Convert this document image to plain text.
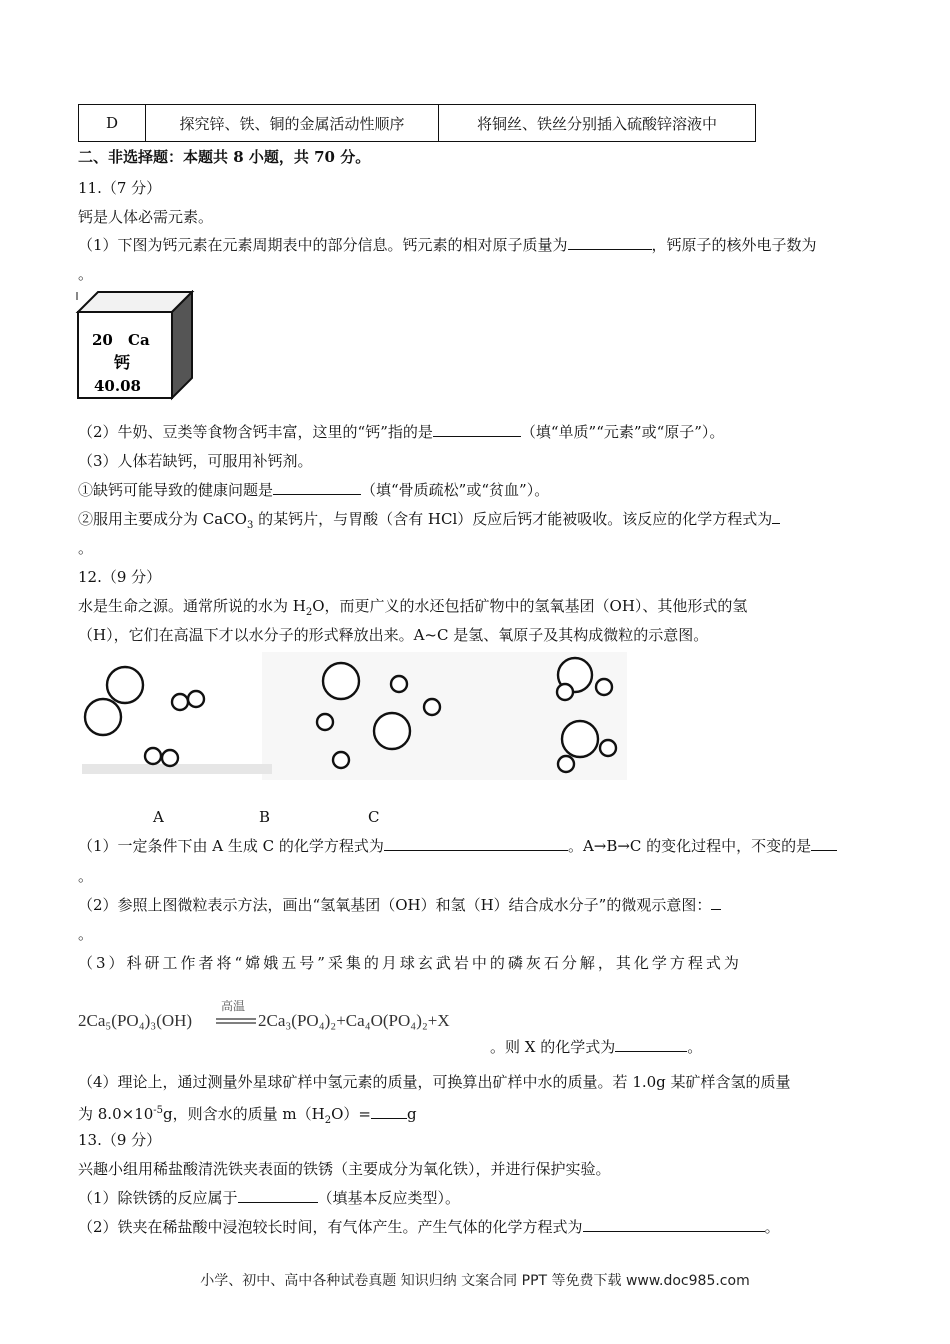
D	探究锌、铁、铜的金属活动性顺序	将铜丝、铁丝分别插入硫酸锌溶液中
二、非选择题：本题共 8 小题，共 70 分。
11.（7 分）
钙是人体必需元素。
（1）下图为钙元素在元素周期表中的部分信息。钙元素的相对原子质量为	，钙原子的核外电子数为
。
20 Ca
钙
40.08
（2）牛奶、豆类等食物含钙丰富，这里的“钙”指的是	（填“单质”“元素”或“原子”）。
（3）人体若缺钙，可服用补钙剂。
①缺钙可能导致的健康问题是	（填“骨质疏松”或“贫血”）。
②服用主要成分为 CaCO$_3$ 的某钙片，与胃酸（含有 HCl）反应后钙才能被吸收。该反应的化学方程式为
。
12.（9 分）
水是生命之源。通常所说的水为 $H_2O$，而更广义的水还包括矿物中的氢氧基团（OH）、其他形式的氢
（H），它们在高温下才以水分子的形式释放出来。A~C 是氢、氧原子及其构成微粒的示意图。
A	B	C
（1）一定条件下由 A 生成 C 的化学方程式为	。A→B→C 的变化过程中，不变的是
。
（2）参照上图微粒表示方法，画出“氢氧基团（OH）和氢（H）结合成水分子”的微观示意图：
。
（3）科研工作者将“嫦娥五号”采集的月球玄武岩中的磷灰石分解，其化学方程式为
2Ca₅(PO₄)₃(OH)
高温
2Ca₃(PO₄)₂+Ca₄O(PO₄)₂+X
。则 X 的化学式为	。
（4）理论上，通过测量外星球矿样中氢元素的质量，可换算出矿样中水的质量。若 1.0g 某矿样含氢的质量
为 $8.0\times 10^{-5}g$，则含水的质量 $m(H_2O)= g$
13.（9 分）
兴趣小组用稀盐酸清洗铁夹表面的铁锈（主要成分为氧化铁），并进行保护实验。
（1）除铁锈的反应属于	（填基本反应类型）。
（2）铁夹在稀盐酸中浸泡较长时间，有气体产生。产生气体的化学方程式为	。
小学、初中、高中各种试卷真题 知识归纳 文案合同 PPT 等免费下载 www.doc985.com
